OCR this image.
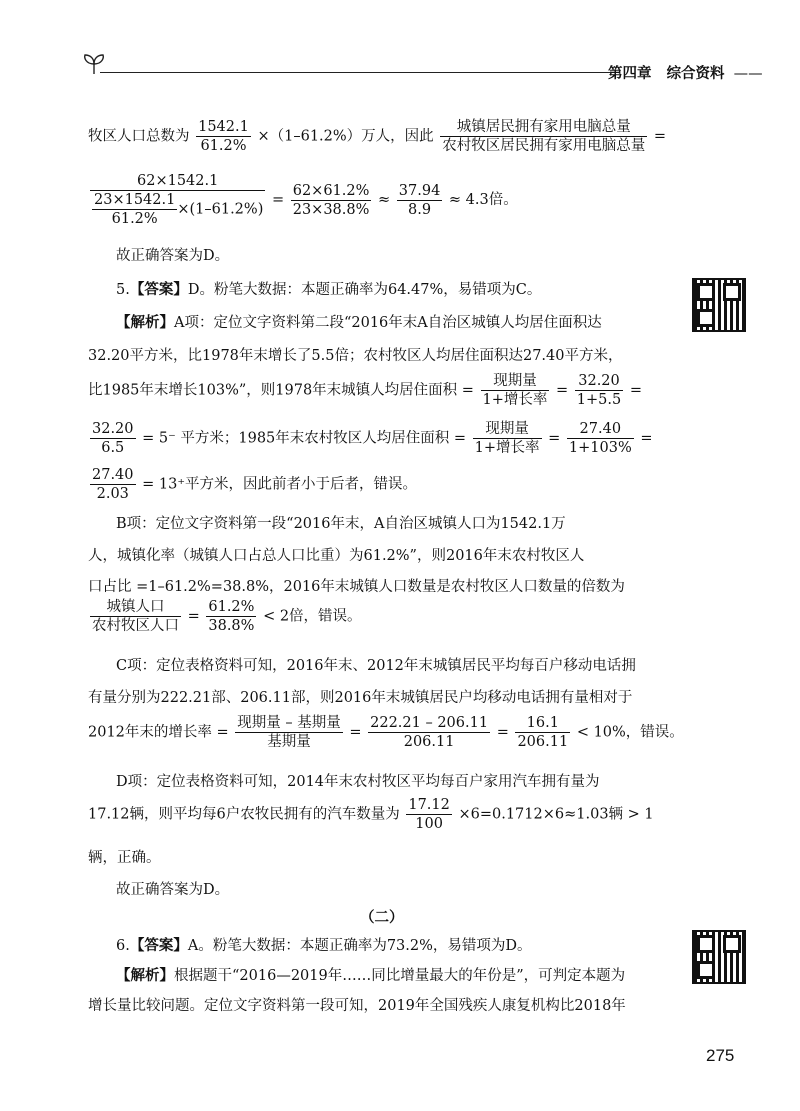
第四章 综合资料 ——
牧区人口总数为 $\frac{1542.1}{61.2\%} \times(1-61.2\%)$万人，因此 $\frac{\text{城镇居民拥有家用电脑总量}}{\text{农村牧区居民拥有家用电脑总量}}$ =
$\frac{62\times 1542.1}{\frac{23\times 1542.1}{61.2\%} \times(1-61.2\%)} = \frac{62\times 61.2\%}{23\times 38.8\%} \approx \frac{37.94}{8.9} \approx 4.3$倍。
故正确答案为D。
5.【答案】D。粉笔大数据：本题正确率为64.47%，易错项为C。
【解析】A项：定位文字资料第二段“2016年末A自治区城镇人均居住面积达
32.20平方米，比1978年末增长了5.5倍；农村牧区人均居住面积达27.40平方米，
比1985年末增长103%”，则1978年末城镇人均居住面积 = $\frac{\text{现期量}}{\text{1+增长率}} = \frac{32.20}{1+5.5}$ =
$\frac{32.20}{6.5} = 5^-$ 平方米；1985年末农村牧区人均居住面积 = $\frac{\text{现期量}}{\text{1+增长率}} = \frac{27.40}{1+103\%}$ =
$\frac{27.40}{2.03} = 13^+$平方米，因此前者小于后者，错误。
B项：定位文字资料第一段“2016年末，A自治区城镇人口为1542.1万
人，城镇化率（城镇人口占总人口比重）为61.2%”，则2016年末农村牧区人
口占比 =1–61.2%=38.8%，2016年末城镇人口数量是农村牧区人口数量的倍数为
$\frac{\text{城镇人口}}{\text{农村牧区人口}} = \frac{61.2\%}{38.8\%} < 2$倍，错误。
C项：定位表格资料可知，2016年末、2012年末城镇居民平均每百户移动电话拥
有量分别为222.21部、206.11部，则2016年末城镇居民户均移动电话拥有量相对于
2012年末的增长率 = $\frac{\text{现期量 – 基期量}}{\text{基期量}} = \frac{222.21 - 206.11}{206.11} = \frac{16.1}{206.11} < 10\%$，错误。
D项：定位表格资料可知，2014年末农村牧区平均每百户家用汽车拥有量为
17.12辆，则平均每6户农牧民拥有的汽车数量为 $\frac{17.12}{100} \times 6=0.1712\times 6\approx 1.03$辆 > 1
辆，正确。
故正确答案为D。
（二）
6.【答案】A。粉笔大数据：本题正确率为73.2%，易错项为D。
【解析】根据题干“2016—2019年……同比增量最大的年份是”，可判定本题为
增长量比较问题。定位文字资料第一段可知，2019年全国残疾人康复机构比2018年
275
